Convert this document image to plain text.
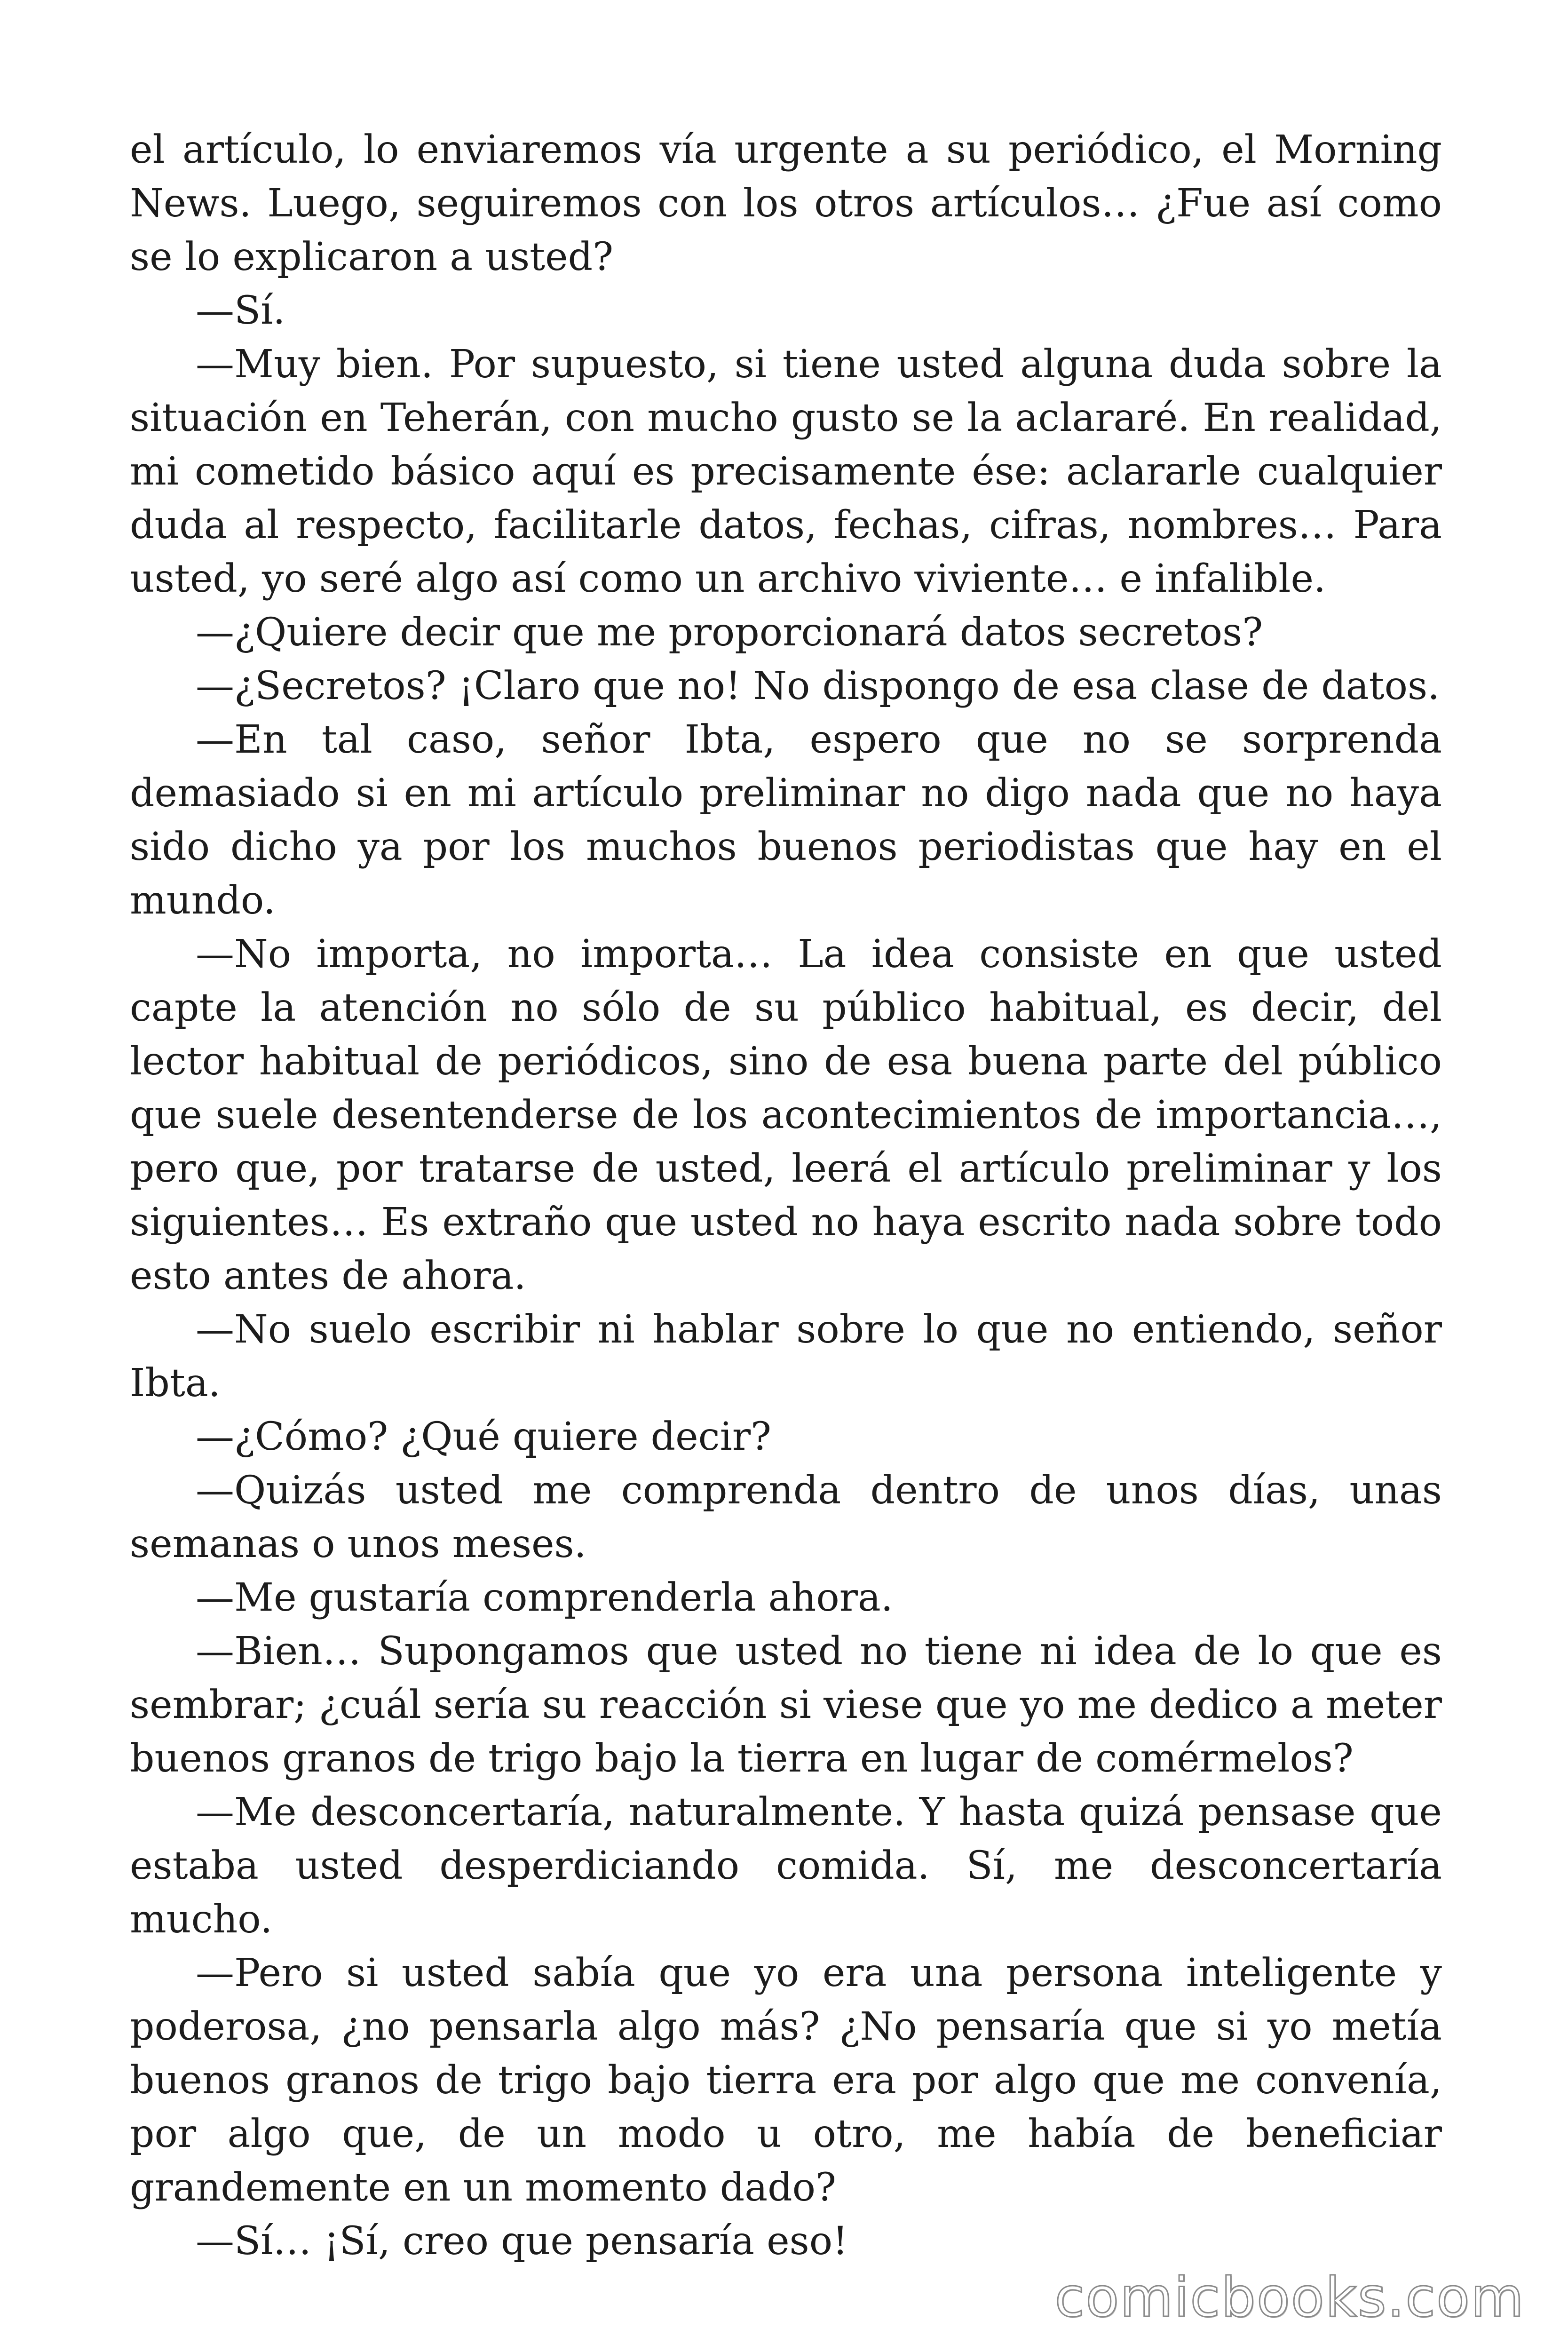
el artículo, lo enviaremos vía urgente a su periódico, el Morning News. Luego, seguiremos con los otros artículos… ¿Fue así como se lo explicaron a usted?

—Sí.

—Muy bien. Por supuesto, si tiene usted alguna duda sobre la situación en Teherán, con mucho gusto se la aclararé. En realidad, mi cometido básico aquí es precisamente ése: aclararle cualquier duda al respecto, facilitarle datos, fechas, cifras, nombres… Para usted, yo seré algo así como un archivo viviente… e infalible.

—¿Quiere decir que me proporcionará datos secretos?

—¿Secretos? ¡Claro que no! No dispongo de esa clase de datos.

—En tal caso, señor Ibta, espero que no se sorprenda demasiado si en mi artículo preliminar no digo nada que no haya sido dicho ya por los muchos buenos periodistas que hay en el mundo.

—No importa, no importa… La idea consiste en que usted capte la atención no sólo de su público habitual, es decir, del lector habitual de periódicos, sino de esa buena parte del público que suele desentenderse de los acontecimientos de importancia…, pero que, por tratarse de usted, leerá el artículo preliminar y los siguientes… Es extraño que usted no haya escrito nada sobre todo esto antes de ahora.

—No suelo escribir ni hablar sobre lo que no entiendo, señor Ibta.

—¿Cómo? ¿Qué quiere decir?

—Quizás usted me comprenda dentro de unos días, unas semanas o unos meses.

—Me gustaría comprenderla ahora.

—Bien… Supongamos que usted no tiene ni idea de lo que es sembrar; ¿cuál sería su reacción si viese que yo me dedico a meter buenos granos de trigo bajo la tierra en lugar de comérmelos?

—Me desconcertaría, naturalmente. Y hasta quizá pensase que estaba usted desperdiciando comida. Sí, me desconcertaría mucho.

—Pero si usted sabía que yo era una persona inteligente y poderosa, ¿no pensarla algo más? ¿No pensaría que si yo metía buenos granos de trigo bajo tierra era por algo que me convenía, por algo que, de un modo u otro, me había de beneficiar grandemente en un momento dado?

—Sí… ¡Sí, creo que pensaría eso!

comicbooks.com
